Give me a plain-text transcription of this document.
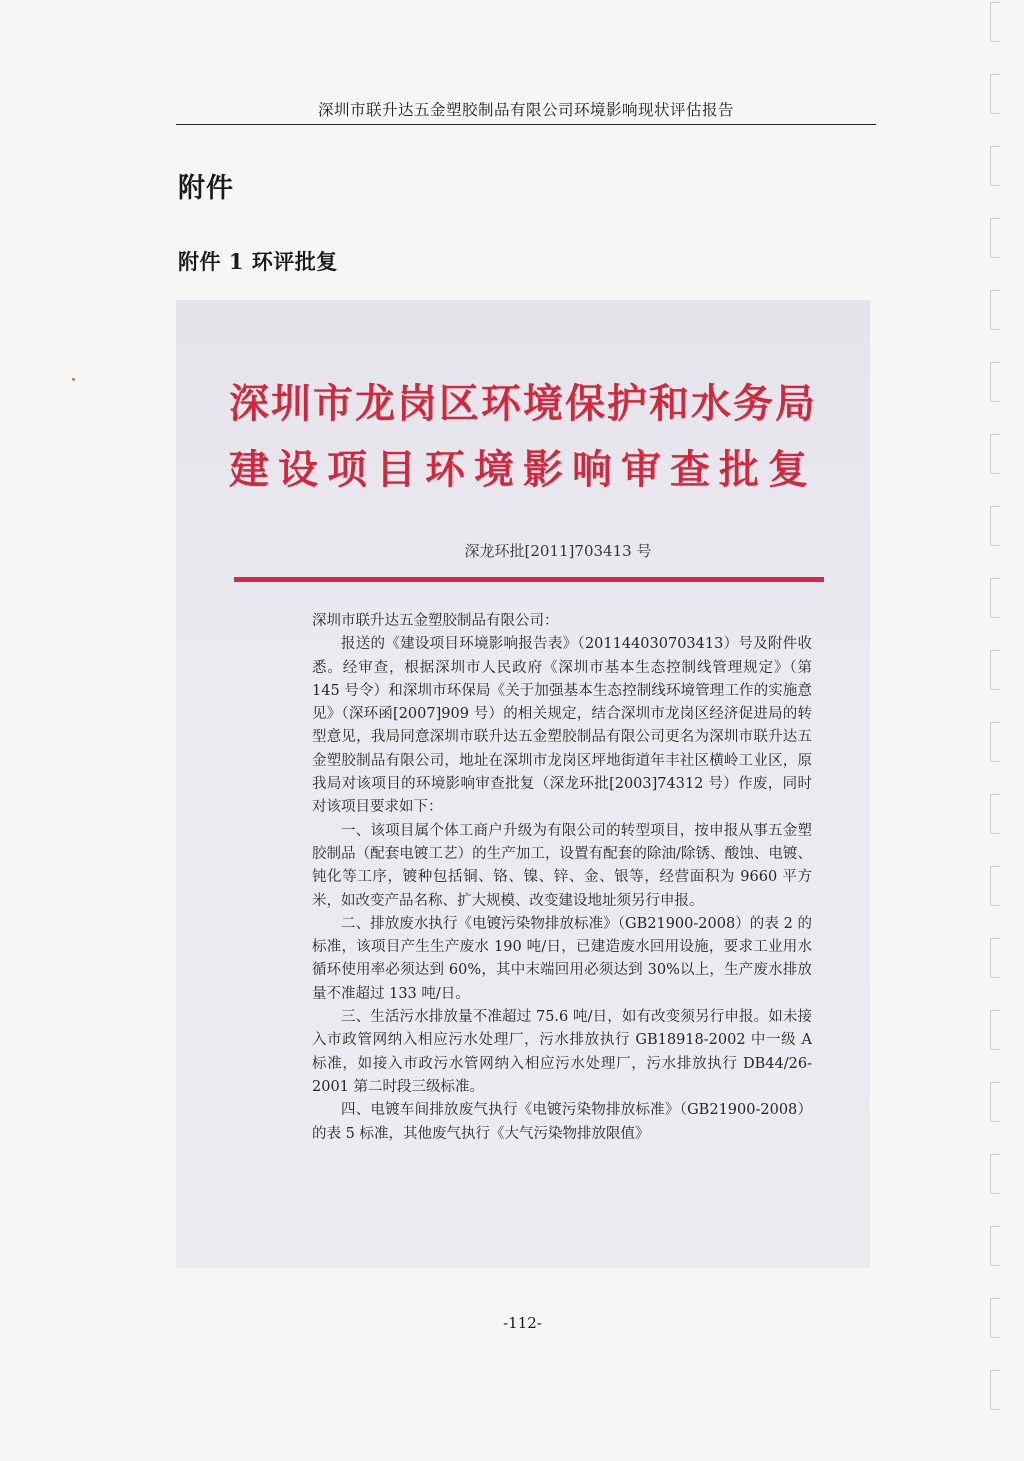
深圳市联升达五金塑胶制品有限公司环境影响现状评估报告

附件
附件 1 环评批复
深圳市龙岗区环境保护和水务局
建设项目环境影响审查批复
深龙环批[2011]703413 号

深圳市联升达五金塑胶制品有限公司：

报送的《建设项目环境影响报告表》（201144030703413）号及附件收悉。经审查，根据深圳市人民政府《深圳市基本生态控制线管理规定》（第 145 号令）和深圳市环保局《关于加强基本生态控制线环境管理工作的实施意见》（深环函[2007]909 号）的相关规定，结合深圳市龙岗区经济促进局的转型意见，我局同意深圳市联升达五金塑胶制品有限公司更名为深圳市联升达五金塑胶制品有限公司，地址在深圳市龙岗区坪地街道年丰社区横岭工业区，原我局对该项目的环境影响审查批复（深龙环批[2003]74312 号）作废，同时对该项目要求如下：

一、该项目属个体工商户升级为有限公司的转型项目，按申报从事五金塑胶制品（配套电镀工艺）的生产加工，设置有配套的除油/除锈、酸蚀、电镀、钝化等工序，镀种包括铜、铬、镍、锌、金、银等，经营面积为 9660 平方米，如改变产品名称、扩大规模、改变建设地址须另行申报。

二、排放废水执行《电镀污染物排放标准》（GB21900-2008）的表 2 的标准，该项目产生生产废水 190 吨/日，已建造废水回用设施，要求工业用水循环使用率必须达到 60%，其中末端回用必须达到 30%以上，生产废水排放量不准超过 133 吨/日。

三、生活污水排放量不准超过 75.6 吨/日，如有改变须另行申报。如未接入市政管网纳入相应污水处理厂，污水排放执行 GB18918-2002 中一级 A 标准，如接入市政污水管网纳入相应污水处理厂，污水排放执行 DB44/26-2001 第二时段三级标准。

四、电镀车间排放废气执行《电镀污染物排放标准》（GB21900-2008）的表 5 标准，其他废气执行《大气污染物排放限值》

-112-
